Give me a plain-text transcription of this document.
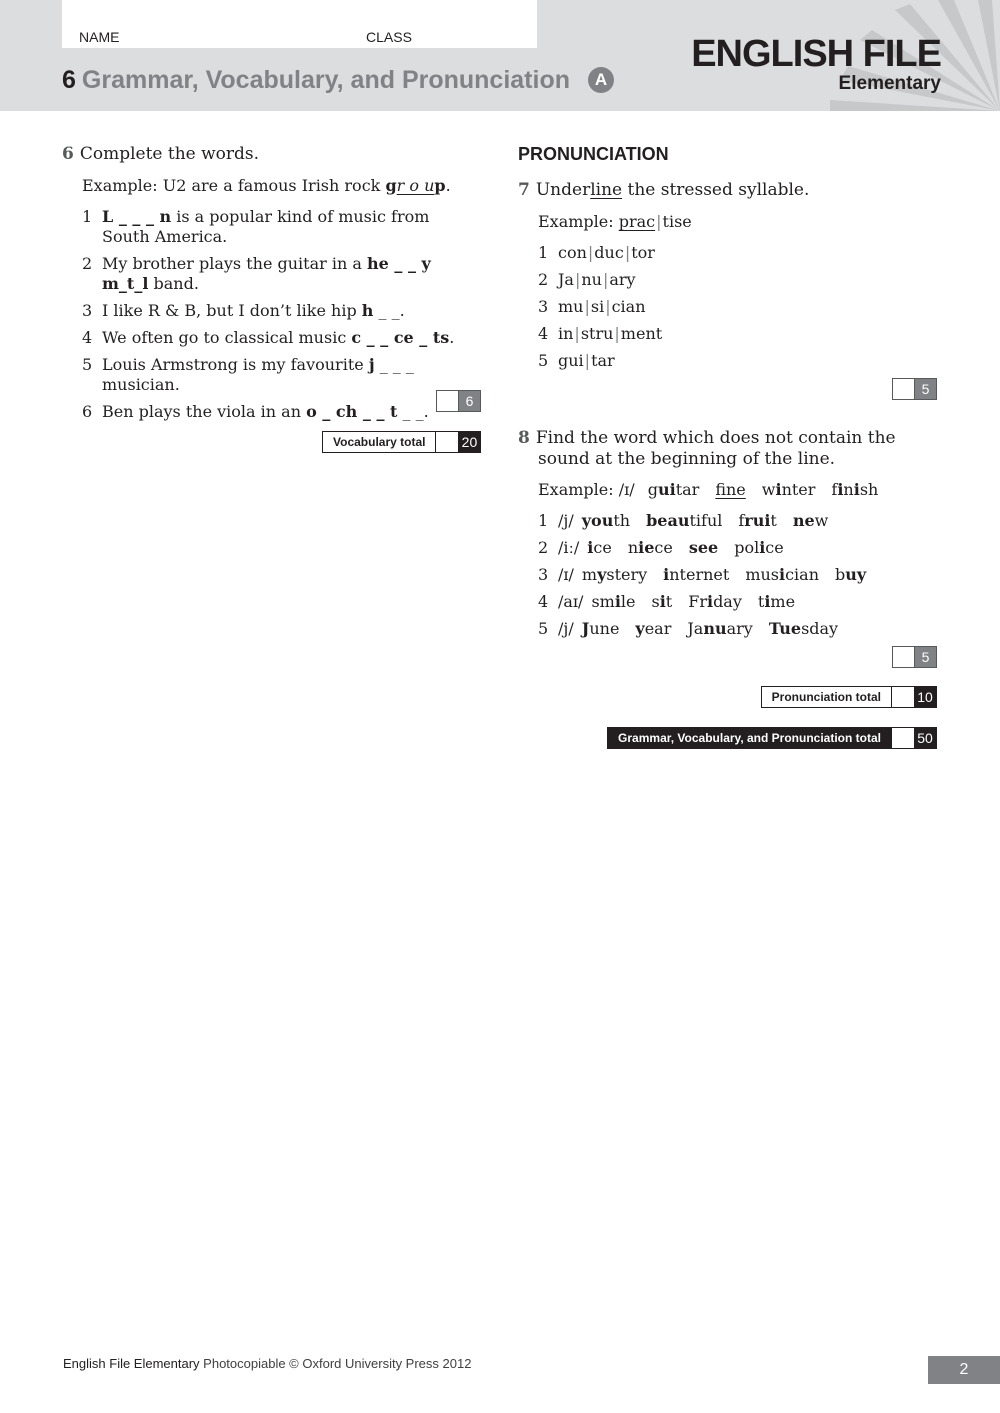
NAME	CLASS
6 Grammar, Vocabulary, and Pronunciation A
ENGLISH FILE
Elementary
6 Complete the words.
Example: U2 are a famous Irish rock gr o up.
1 L _ _ _ n is a popular kind of music from South America.
2 My brother plays the guitar in a he _ _ y m_t_l band.
3 I like R & B, but I don’t like hip h _ _.
4 We often go to classical music c _ _ ce _ ts.
5 Louis Armstrong is my favourite j _ _ _ musician.
6 Ben plays the viola in an o _ ch _ _ t _ _.
6
Vocabulary total	20
PRONUNCIATION
7 Underline the stressed syllable.
Example: prac|tise
1 con|duc|tor
2 Ja|nu|ary
3 mu|si|cian
4 in|stru|ment
5 gui|tar
5
8 Find the word which does not contain the sound at the beginning of the line.
Example: /ɪ/ guitar fine winter finish
1 /j/ youth beautiful fruit new
2 /iː/ ice niece see police
3 /ɪ/ mystery internet musician buy
4 /aɪ/ smile sit Friday time
5 /j/ June year January Tuesday
5
Pronunciation total	10
Grammar, Vocabulary, and Pronunciation total	50
English File Elementary Photocopiable © Oxford University Press 2012	2
